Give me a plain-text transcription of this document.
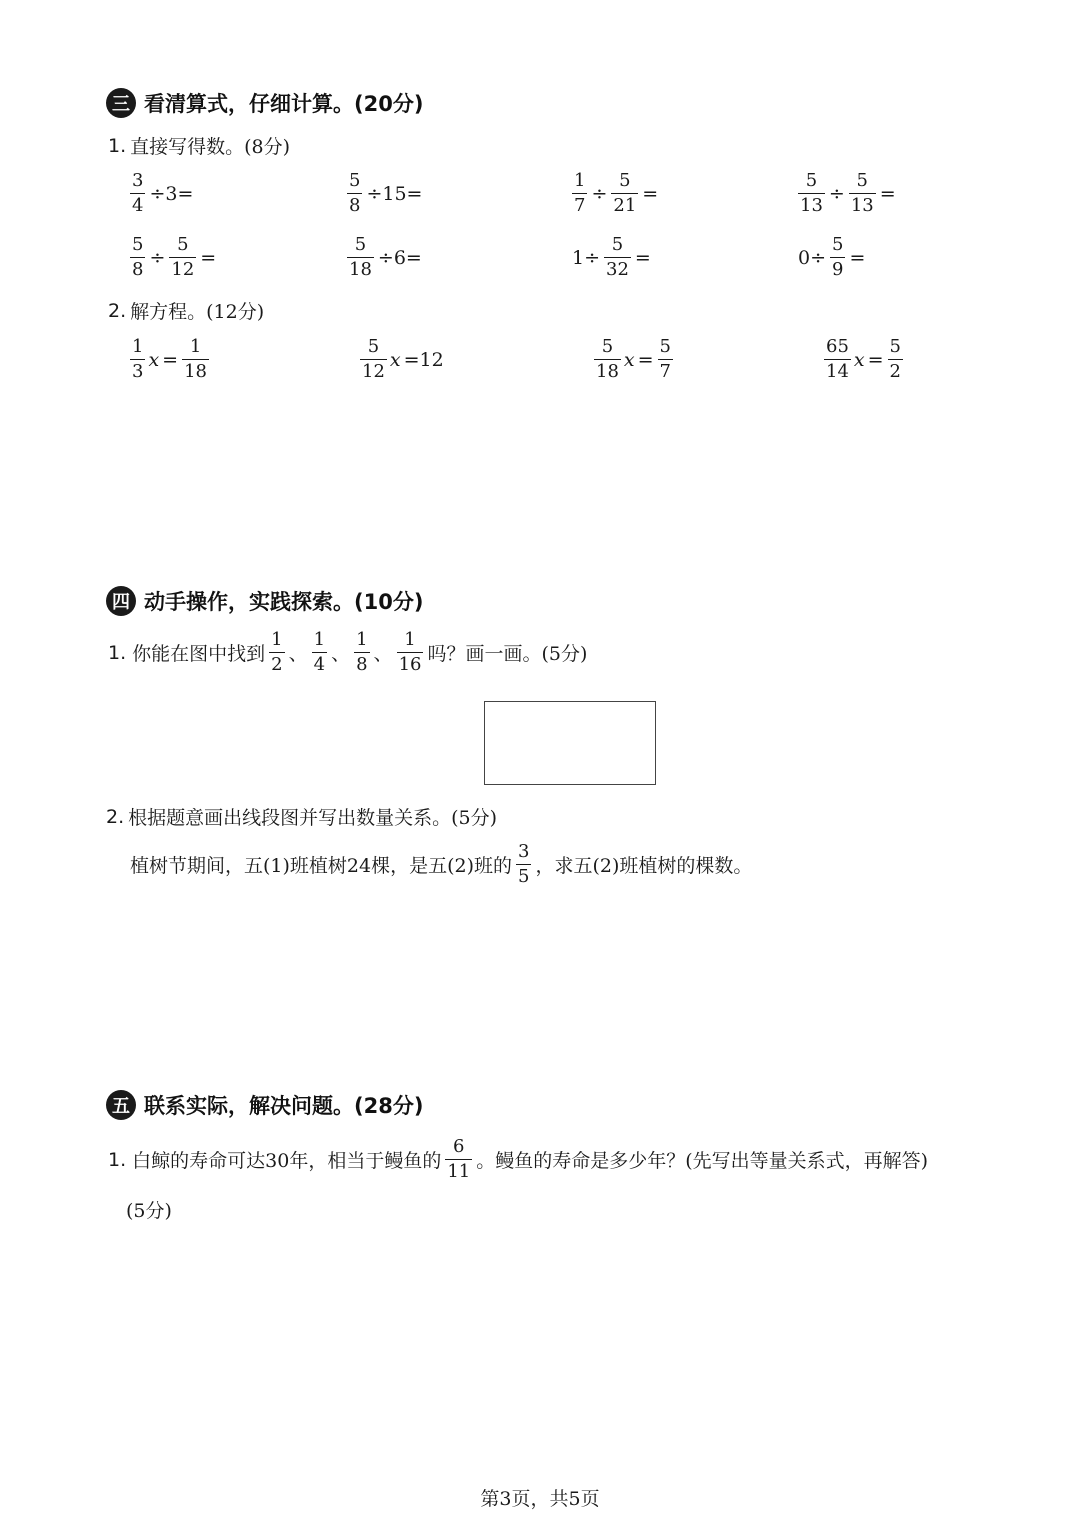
三 看清算式，仔细计算。(20分)
1. 直接写得数。(8分)
$\frac{3}{4} \div 3=$	$\frac{5}{8} \div 15=$	$\frac{1}{7} \div \frac{5}{21}$ =	$\frac{5}{13} \div \frac{5}{13}$ =
$\frac{5}{8} \div \frac{5}{12}$ =	$\frac{5}{18} \div 6=$	$1\div \frac{5}{32}$ =	$0\div \frac{5}{9}$ =
2. 解方程。(12分)
$\frac{1}{3}$ $x = \frac{1}{18}$	$\frac{5}{12}$ x =12	$\frac{5}{18}$ $x = \frac{5}{7}$	$\frac{65}{14}$ $x = \frac{5}{2}$
四 动手操作，实践探索。(10分)
1. 你能在图中找到 $\frac{1}{2}$ 、 $\frac{1}{4}$ 、 $\frac{1}{8}$ 、 $\frac{1}{16}$ 吗？画一画。(5分)
2. 根据题意画出线段图并写出数量关系。(5分)
植树节期间，五(1)班植树24棵，是五(2)班的 $\frac{3}{5}$ ，求五(2)班植树的棵数。
五 联系实际，解决问题。(28分)
1. 白鲸的寿命可达30年，相当于鳗鱼的 $\frac{6}{11}$ 。鳗鱼的寿命是多少年？(先写出等量关系式，再解答)
(5分)
第3页，共5页
